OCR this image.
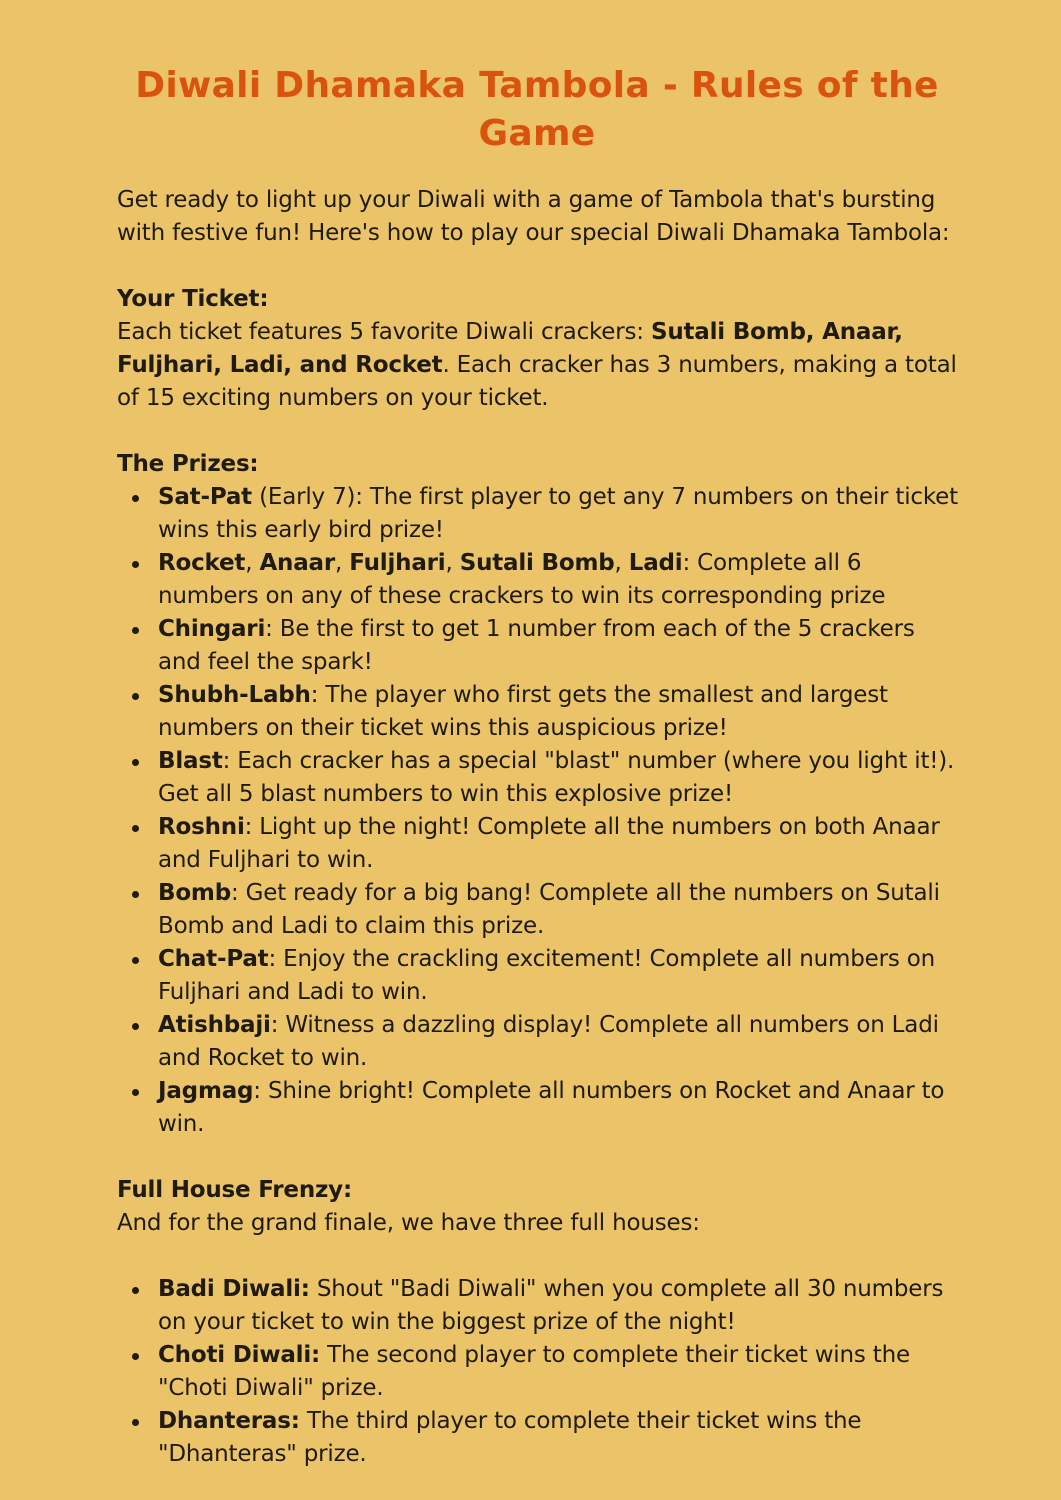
Diwali Dhamaka Tambola - Rules of the Game

Get ready to light up your Diwali with a game of Tambola that's bursting with festive fun! Here's how to play our special Diwali Dhamaka Tambola:

Your Ticket:

Each ticket features 5 favorite Diwali crackers: Sutali Bomb, Anaar, Fuljhari, Ladi, and Rocket. Each cracker has 3 numbers, making a total of 15 exciting numbers on your ticket.

The Prizes:

Sat-Pat (Early 7): The first player to get any 7 numbers on their ticket wins this early bird prize!
Rocket, Anaar, Fuljhari, Sutali Bomb, Ladi: Complete all 6 numbers on any of these crackers to win its corresponding prize
Chingari: Be the first to get 1 number from each of the 5 crackers and feel the spark!
Shubh-Labh: The player who first gets the smallest and largest numbers on their ticket wins this auspicious prize!
Blast: Each cracker has a special "blast" number (where you light it!). Get all 5 blast numbers to win this explosive prize!
Roshni: Light up the night! Complete all the numbers on both Anaar and Fuljhari to win.
Bomb: Get ready for a big bang! Complete all the numbers on Sutali Bomb and Ladi to claim this prize.
Chat-Pat: Enjoy the crackling excitement! Complete all numbers on Fuljhari and Ladi to win.
Atishbaji: Witness a dazzling display! Complete all numbers on Ladi and Rocket to win.
Jagmag: Shine bright! Complete all numbers on Rocket and Anaar to win.

Full House Frenzy:

And for the grand finale, we have three full houses:

Badi Diwali: Shout "Badi Diwali" when you complete all 30 numbers on your ticket to win the biggest prize of the night!
Choti Diwali: The second player to complete their ticket wins the "Choti Diwali" prize.
Dhanteras: The third player to complete their ticket wins the "Dhanteras" prize.
